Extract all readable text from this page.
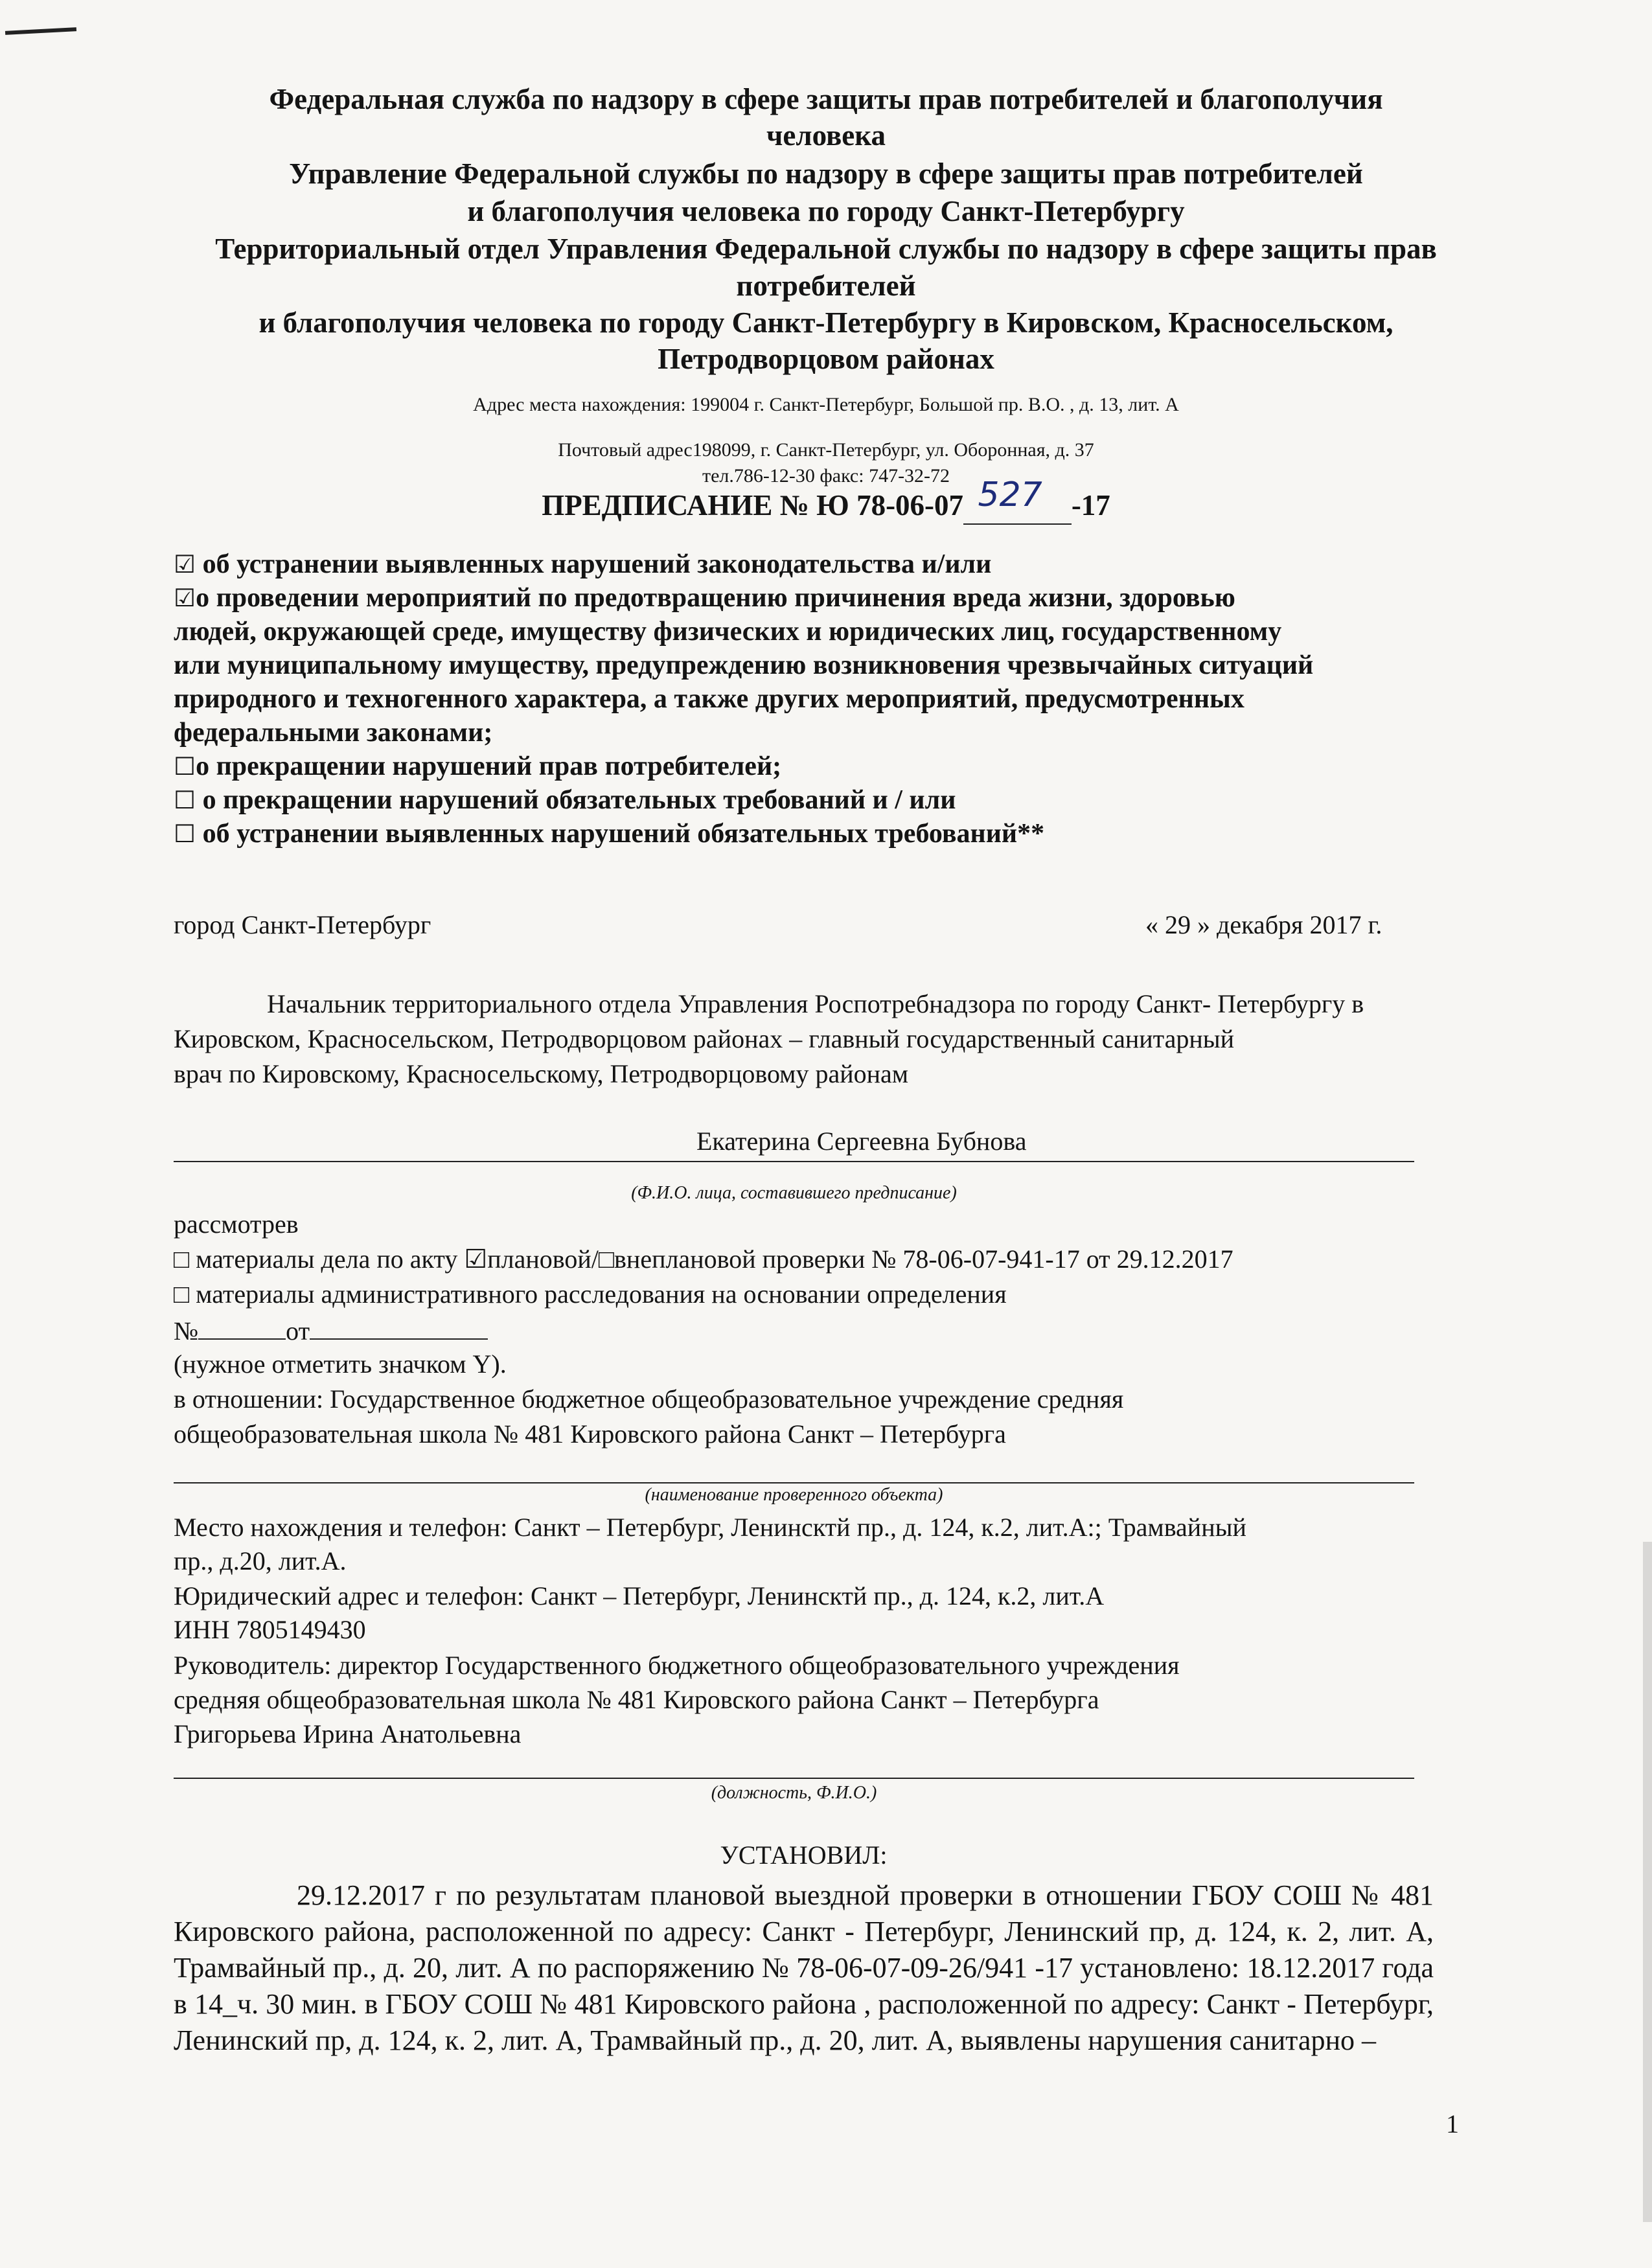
Федеральная служба по надзору в сфере защиты прав потребителей и благополучия
человека
Управление Федеральной службы по надзору в сфере защиты прав потребителей
и благополучия человека по городу Санкт-Петербургу
Территориальный отдел Управления Федеральной службы по надзору в сфере защиты прав
потребителей
и благополучия человека по городу Санкт-Петербургу в Кировском, Красносельском,
Петродворцовом районах
Адрес места нахождения: 199004 г. Санкт-Петербург, Большой пр. В.О. , д. 13, лит. А
Почтовый адрес198099, г. Санкт-Петербург, ул. Оборонная, д. 37
тел.786-12-30 факс: 747-32-72
ПРЕДПИСАНИЕ № Ю 78-06-07 527 -17
☑ об устранении выявленных нарушений законодательства и/или
☑о проведении мероприятий по предотвращению причинения вреда жизни, здоровью
людей, окружающей среде, имуществу физических и юридических лиц, государственному
или муниципальному имуществу, предупреждению возникновения чрезвычайных ситуаций
природного и техногенного характера, а также других мероприятий, предусмотренных
федеральными законами;
☐о прекращении нарушений прав потребителей;
☐ о прекращении нарушений обязательных требований и / или
☐ об устранении выявленных нарушений обязательных требований**
город Санкт-Петербург	« 29 » декабря 2017 г.
Начальник территориального отдела Управления Роспотребнадзора по городу Санкт- Петербургу в
Кировском, Красносельском, Петродворцовом районах – главный государственный санитарный
врач по Кировскому, Красносельскому, Петродворцовому районам
Екатерина Сергеевна Бубнова
(Ф.И.О. лица, составившего предписание)
рассмотрев
□ материалы дела по акту ☑плановой/□внеплановой проверки № 78-06-07-941-17 от 29.12.2017
□ материалы административного расследования на основании определения
№	от
(нужное отметить значком Y).
в отношении: Государственное бюджетное общеобразовательное учреждение средняя
общеобразовательная школа № 481 Кировского района Санкт – Петербурга
(наименование проверенного объекта)
Место нахождения и телефон: Санкт – Петербург, Ленинсктй пр., д. 124, к.2, лит.А:; Трамвайный
пр., д.20, лит.А.
Юридический адрес и телефон: Санкт – Петербург, Ленинсктй пр., д. 124, к.2, лит.А
ИНН 7805149430
Руководитель: директор Государственного бюджетного общеобразовательного учреждения
средняя общеобразовательная школа № 481 Кировского района Санкт – Петербурга
Григорьева Ирина Анатольевна
(должность, Ф.И.О.)
УСТАНОВИЛ:
29.12.2017 г по результатам плановой выездной проверки в отношении ГБОУ СОШ № 481 Кировского района, расположенной по адресу: Санкт - Петербург, Ленинский пр, д. 124, к. 2, лит. А, Трамвайный пр., д. 20, лит. А по распоряжению № 78-06-07-09-26/941 -17 установлено: 18.12.2017 года в 14_ч. 30 мин. в ГБОУ СОШ № 481 Кировского района , расположенной по адресу: Санкт - Петербург, Ленинский пр, д. 124, к. 2, лит. А, Трамвайный пр., д. 20, лит. А, выявлены нарушения санитарно –
1
